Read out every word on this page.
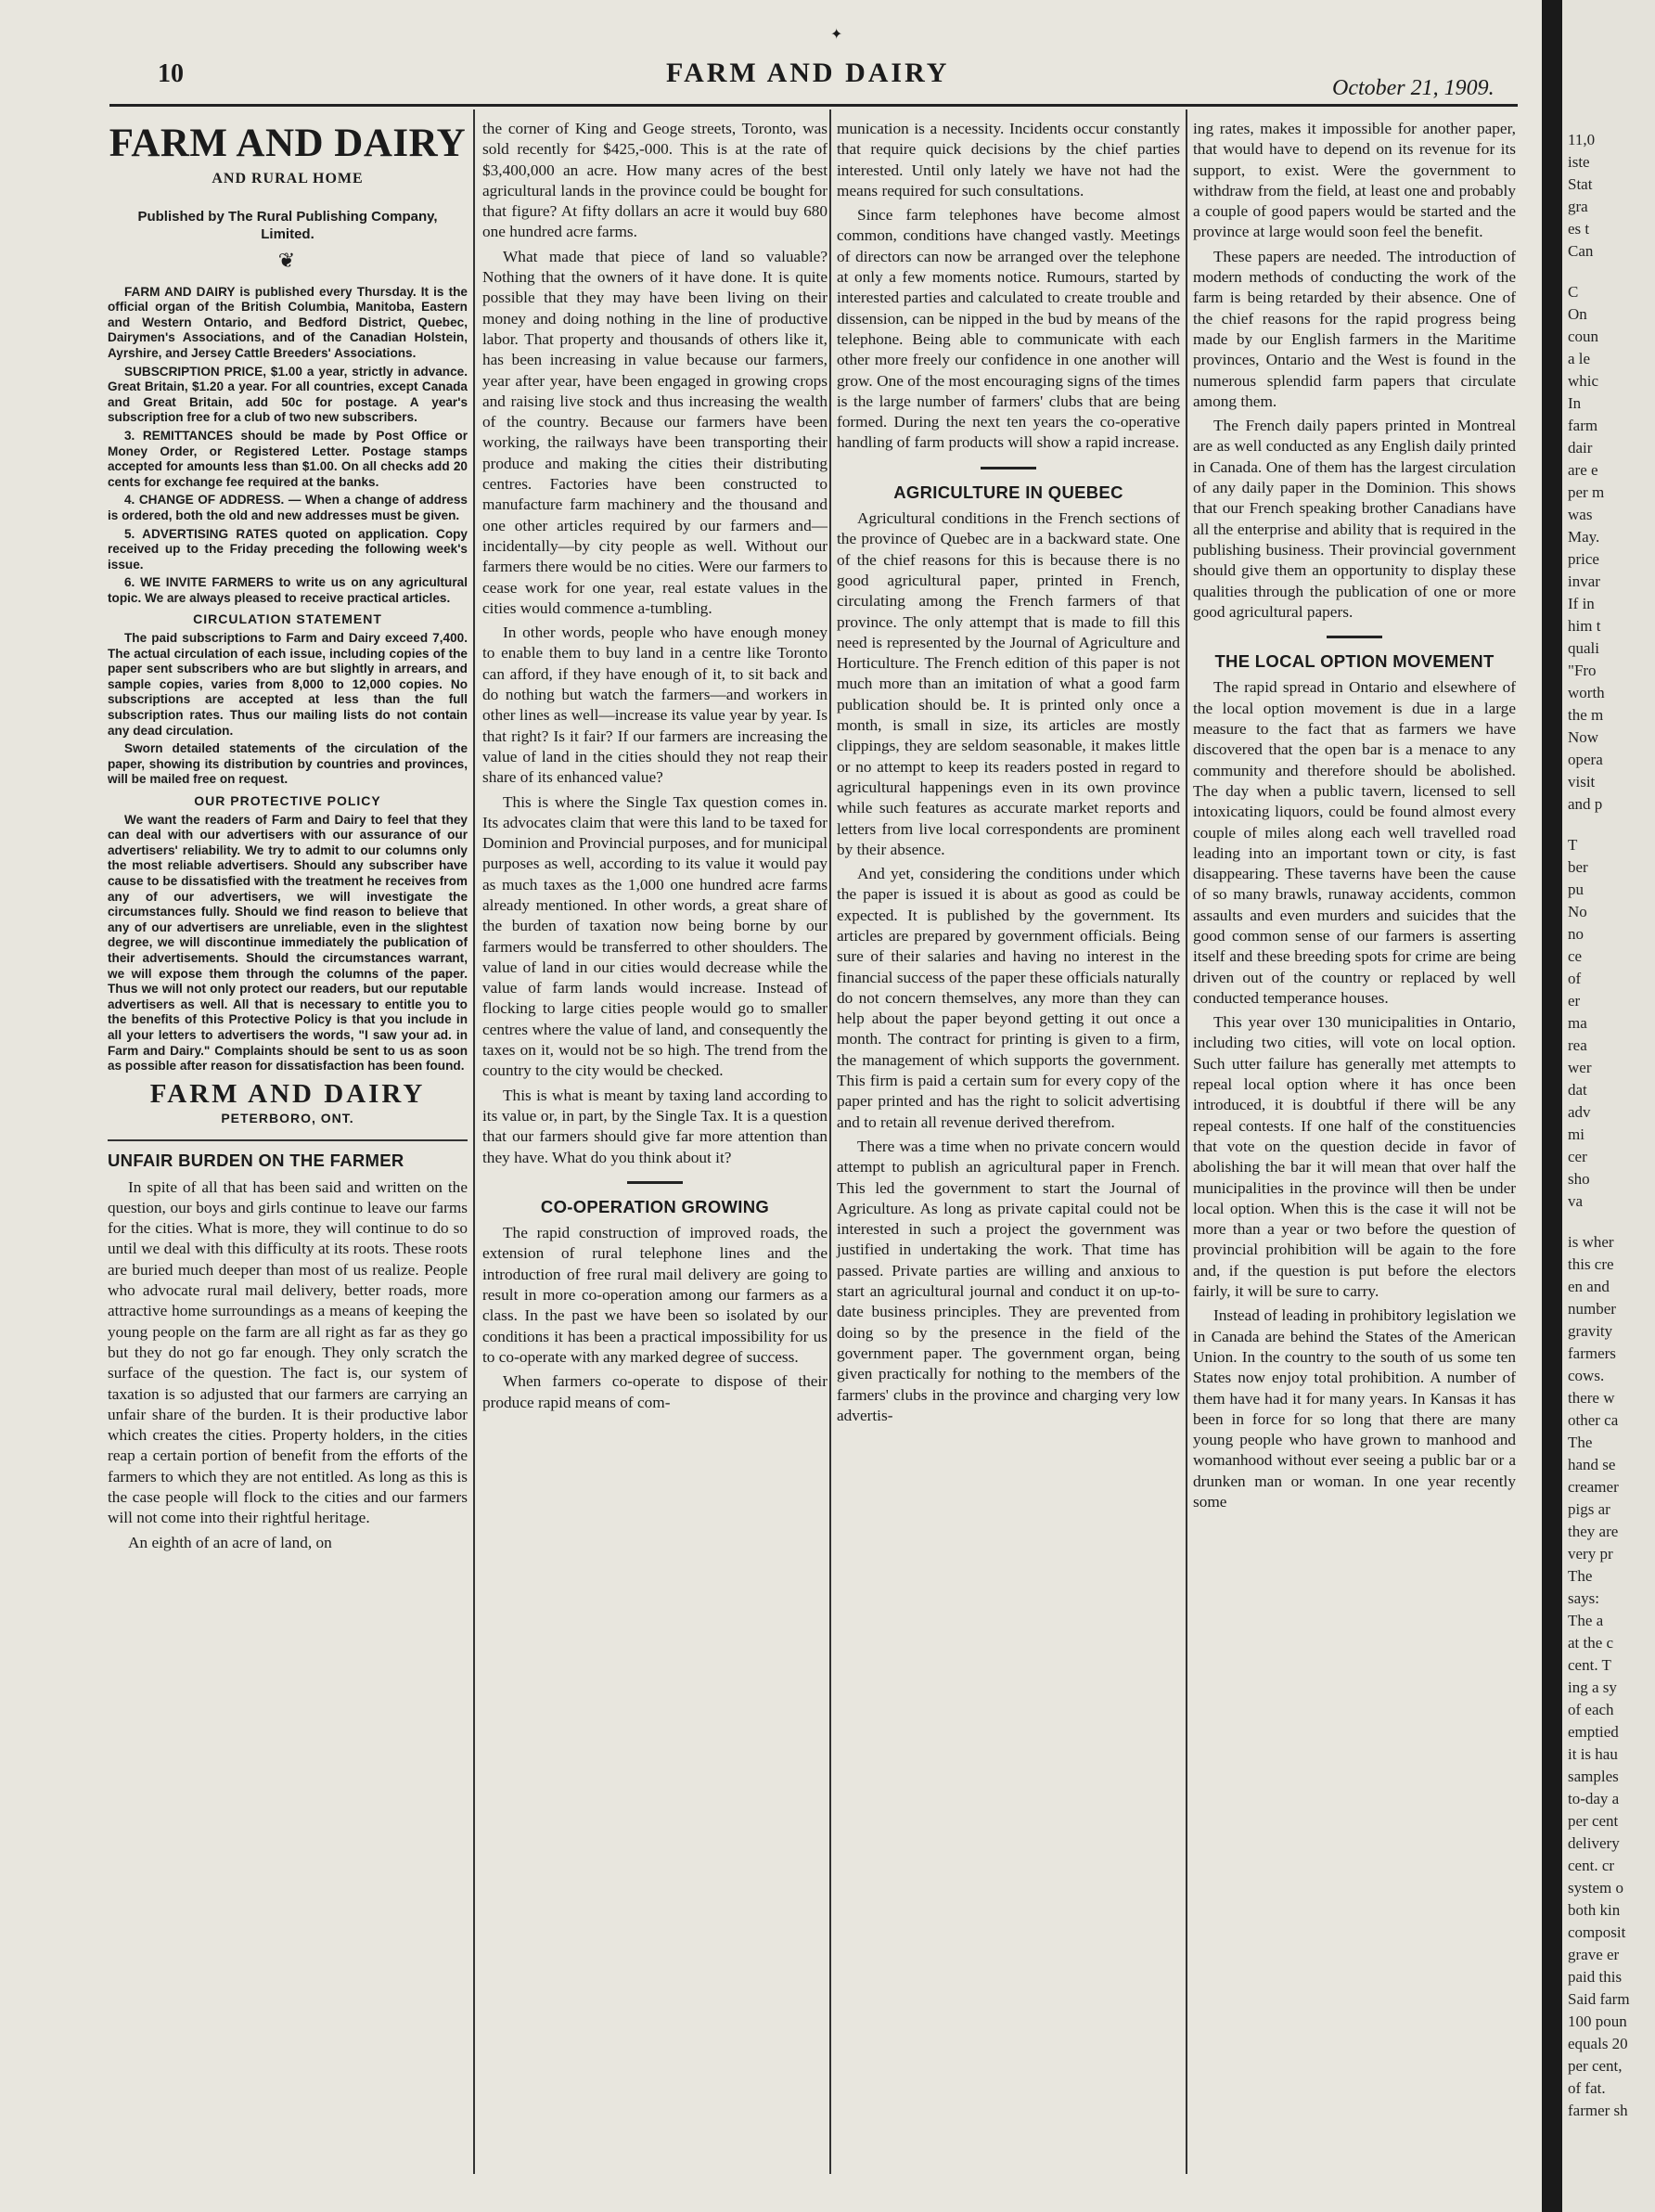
✦
10	FARM AND DAIRY	October 21, 1909.
FARM AND DAIRY
AND RURAL HOME
Published by The Rural Publishing Company, Limited.
❦

FARM AND DAIRY is published every Thursday. It is the official organ of the British Columbia, Manitoba, Eastern and Western Ontario, and Bedford District, Quebec, Dairymen's Associations, and of the Canadian Holstein, Ayrshire, and Jersey Cattle Breeders' Associations.

SUBSCRIPTION PRICE, $1.00 a year, strictly in advance. Great Britain, $1.20 a year. For all countries, except Canada and Great Britain, add 50c for postage. A year's subscription free for a club of two new subscribers.

3. REMITTANCES should be made by Post Office or Money Order, or Registered Letter. Postage stamps accepted for amounts less than $1.00. On all checks add 20 cents for exchange fee required at the banks.

4. CHANGE OF ADDRESS. — When a change of address is ordered, both the old and new addresses must be given.

5. ADVERTISING RATES quoted on application. Copy received up to the Friday preceding the following week's issue.

6. WE INVITE FARMERS to write us on any agricultural topic. We are always pleased to receive practical articles.

CIRCULATION STATEMENT

The paid subscriptions to Farm and Dairy exceed 7,400. The actual circulation of each issue, including copies of the paper sent subscribers who are but slightly in arrears, and sample copies, varies from 8,000 to 12,000 copies. No subscriptions are accepted at less than the full subscription rates. Thus our mailing lists do not contain any dead circulation.

Sworn detailed statements of the circulation of the paper, showing its distribution by countries and provinces, will be mailed free on request.

OUR PROTECTIVE POLICY

We want the readers of Farm and Dairy to feel that they can deal with our advertisers with our assurance of our advertisers' reliability. We try to admit to our columns only the most reliable advertisers. Should any subscriber have cause to be dissatisfied with the treatment he receives from any of our advertisers, we will investigate the circumstances fully. Should we find reason to believe that any of our advertisers are unreliable, even in the slightest degree, we will discontinue immediately the publication of their advertisements. Should the circumstances warrant, we will expose them through the columns of the paper. Thus we will not only protect our readers, but our reputable advertisers as well. All that is necessary to entitle you to the benefits of this Protective Policy is that you include in all your letters to advertisers the words, "I saw your ad. in Farm and Dairy." Complaints should be sent to us as soon as possible after reason for dissatisfaction has been found.

FARM AND DAIRY
PETERBORO, ONT.
UNFAIR BURDEN ON THE FARMER

In spite of all that has been said and written on the question, our boys and girls continue to leave our farms for the cities. What is more, they will continue to do so until we deal with this difficulty at its roots. These roots are buried much deeper than most of us realize. People who advocate rural mail delivery, better roads, more attractive home surroundings as a means of keeping the young people on the farm are all right as far as they go but they do not go far enough. They only scratch the surface of the question. The fact is, our system of taxation is so adjusted that our farmers are carrying an unfair share of the burden. It is their productive labor which creates the cities. Property holders, in the cities reap a certain portion of benefit from the efforts of the farmers to which they are not entitled. As long as this is the case people will flock to the cities and our farmers will not come into their rightful heritage.

An eighth of an acre of land, on

the corner of King and Geoge streets, Toronto, was sold recently for $425,-000. This is at the rate of $3,400,000 an acre. How many acres of the best agricultural lands in the province could be bought for that figure? At fifty dollars an acre it would buy 680 one hundred acre farms.

What made that piece of land so valuable? Nothing that the owners of it have done. It is quite possible that they may have been living on their money and doing nothing in the line of productive labor. That property and thousands of others like it, has been increasing in value because our farmers, year after year, have been engaged in growing crops and raising live stock and thus increasing the wealth of the country. Because our farmers have been working, the railways have been transporting their produce and making the cities their distributing centres. Factories have been constructed to manufacture farm machinery and the thousand and one other articles required by our farmers and—incidentally—by city people as well. Without our farmers there would be no cities. Were our farmers to cease work for one year, real estate values in the cities would commence a-tumbling.

In other words, people who have enough money to enable them to buy land in a centre like Toronto can afford, if they have enough of it, to sit back and do nothing but watch the farmers—and workers in other lines as well—increase its value year by year. Is that right? Is it fair? If our farmers are increasing the value of land in the cities should they not reap their share of its enhanced value?

This is where the Single Tax question comes in. Its advocates claim that were this land to be taxed for Dominion and Provincial purposes, and for municipal purposes as well, according to its value it would pay as much taxes as the 1,000 one hundred acre farms already mentioned. In other words, a great share of the burden of taxation now being borne by our farmers would be transferred to other shoulders. The value of land in our cities would decrease while the value of farm lands would increase. Instead of flocking to large cities people would go to smaller centres where the value of land, and consequently the taxes on it, would not be so high. The trend from the country to the city would be checked.

This is what is meant by taxing land according to its value or, in part, by the Single Tax. It is a question that our farmers should give far more attention than they have. What do you think about it?

CO-OPERATION GROWING

The rapid construction of improved roads, the extension of rural telephone lines and the introduction of free rural mail delivery are going to result in more co-operation among our farmers as a class. In the past we have been so isolated by our conditions it has been a practical impossibility for us to co-operate with any marked degree of success.

When farmers co-operate to dispose of their produce rapid means of com-

munication is a necessity. Incidents occur constantly that require quick decisions by the chief parties interested. Until only lately we have not had the means required for such consultations.

Since farm telephones have become almost common, conditions have changed vastly. Meetings of directors can now be arranged over the telephone at only a few moments notice. Rumours, started by interested parties and calculated to create trouble and dissension, can be nipped in the bud by means of the telephone. Being able to communicate with each other more freely our confidence in one another will grow. One of the most encouraging signs of the times is the large number of farmers' clubs that are being formed. During the next ten years the co-operative handling of farm products will show a rapid increase.

AGRICULTURE IN QUEBEC

Agricultural conditions in the French sections of the province of Quebec are in a backward state. One of the chief reasons for this is because there is no good agricultural paper, printed in French, circulating among the French farmers of that province. The only attempt that is made to fill this need is represented by the Journal of Agriculture and Horticulture. The French edition of this paper is not much more than an imitation of what a good farm publication should be. It is printed only once a month, is small in size, its articles are mostly clippings, they are seldom seasonable, it makes little or no attempt to keep its readers posted in regard to agricultural happenings even in its own province while such features as accurate market reports and letters from live local correspondents are prominent by their absence.

And yet, considering the conditions under which the paper is issued it is about as good as could be expected. It is published by the government. Its articles are prepared by government officials. Being sure of their salaries and having no interest in the financial success of the paper these officials naturally do not concern themselves, any more than they can help about the paper beyond getting it out once a month. The contract for printing is given to a firm, the management of which supports the government. This firm is paid a certain sum for every copy of the paper printed and has the right to solicit advertising and to retain all revenue derived therefrom.

There was a time when no private concern would attempt to publish an agricultural paper in French. This led the government to start the Journal of Agriculture. As long as private capital could not be interested in such a project the government was justified in undertaking the work. That time has passed. Private parties are willing and anxious to start an agricultural journal and conduct it on up-to-date business principles. They are prevented from doing so by the presence in the field of the government paper. The government organ, being given practically for nothing to the members of the farmers' clubs in the province and charging very low advertis-

ing rates, makes it impossible for another paper, that would have to depend on its revenue for its support, to exist. Were the government to withdraw from the field, at least one and probably a couple of good papers would be started and the province at large would soon feel the benefit.

These papers are needed. The introduction of modern methods of conducting the work of the farm is being retarded by their absence. One of the chief reasons for the rapid progress being made by our English farmers in the Maritime provinces, Ontario and the West is found in the numerous splendid farm papers that circulate among them.

The French daily papers printed in Montreal are as well conducted as any English daily printed in Canada. One of them has the largest circulation of any daily paper in the Dominion. This shows that our French speaking brother Canadians have all the enterprise and ability that is required in the publishing business. Their provincial government should give them an opportunity to display these qualities through the publication of one or more good agricultural papers.

THE LOCAL OPTION MOVEMENT

The rapid spread in Ontario and elsewhere of the local option movement is due in a large measure to the fact that as farmers we have discovered that the open bar is a menace to any community and therefore should be abolished. The day when a public tavern, licensed to sell intoxicating liquors, could be found almost every couple of miles along each well travelled road leading into an important town or city, is fast disappearing. These taverns have been the cause of so many brawls, runaway accidents, common assaults and even murders and suicides that the good common sense of our farmers is asserting itself and these breeding spots for crime are being driven out of the country or replaced by well conducted temperance houses.

This year over 130 municipalities in Ontario, including two cities, will vote on local option. Such utter failure has generally met attempts to repeal local option where it has once been introduced, it is doubtful if there will be any repeal contests. If one half of the constituencies that vote on the question decide in favor of abolishing the bar it will mean that over half the municipalities in the province will then be under local option. When this is the case it will not be more than a year or two before the question of provincial prohibition will be again to the fore and, if the question is put before the electors fairly, it will be sure to carry.

Instead of leading in prohibitory legislation we in Canada are behind the States of the American Union. In the country to the south of us some ten States now enjoy total prohibition. A number of them have had it for many years. In Kansas it has been in force for so long that there are many young people who have grown to manhood and womanhood without ever seeing a public bar or a drunken man or woman. In one year recently some

11,0
iste
Stat
gra
es t
Can
C
On
coun
a le
whic
In
farm
dair
are e
per m
was
May.
price
invar
If in
him t
quali
"Fro
worth
the m
Now
opera
visit
and p
T
ber
pu
No
no
ce
of
er
ma
rea
wer
dat
adv
mi
cer
sho
va
is wher
this cre
en and
number
gravity
farmers
cows.
there w
other ca
The
hand se
creamer
pigs ar
they are
very pr
The
says:
The a
at the c
cent. T
ing a sy
of each
emptied
it is hau
samples
to-day a
per cent
delivery
cent. cr
system o
both kin
composit
grave er
paid this
Said farm
100 poun
equals 20
per cent,
of fat.
farmer sh
